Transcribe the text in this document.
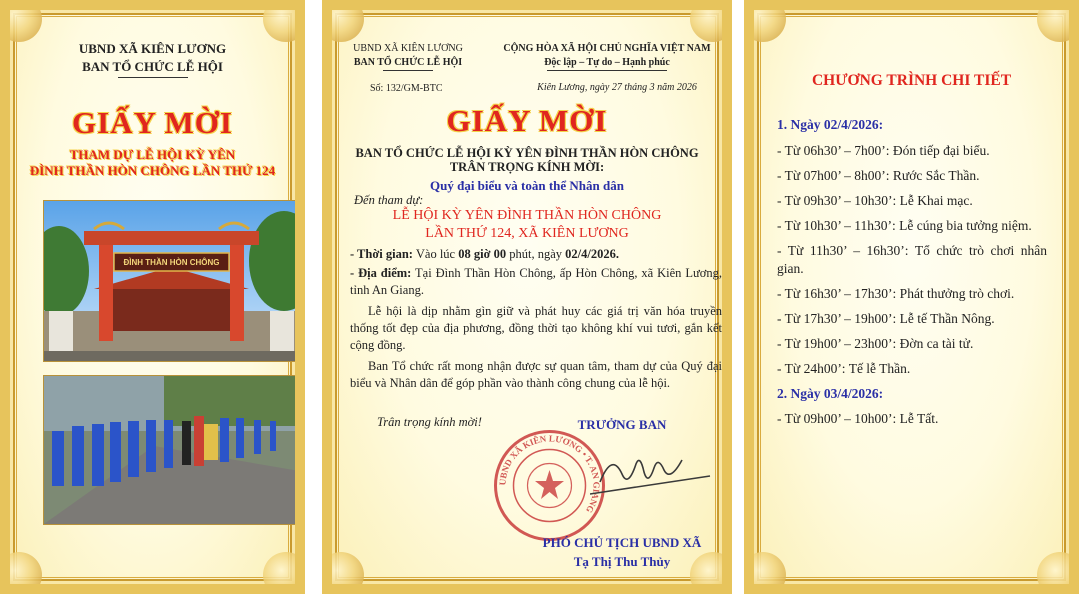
UBND XÃ KIÊN LƯƠNG
BAN TỔ CHỨC LỄ HỘI
GIẤY MỜI
THAM DỰ LỄ HỘI KỲ YÊN
ĐÌNH THẦN HÒN CHÔNG LẦN THỨ 124
ĐÌNH THẦN HÒN CHÔNG
UBND XÃ KIÊN LƯƠNG
BAN TỔ CHỨC LỄ HỘI
CỘNG HÒA XÃ HỘI CHỦ NGHĨA VIỆT NAM
Độc lập – Tự do – Hạnh phúc
Số: 132/GM-BTC	Kiên Lương, ngày 27 tháng 3 năm 2026
GIẤY MỜI
BAN TỔ CHỨC LỄ HỘI KỲ YÊN ĐÌNH THẦN HÒN CHÔNG
TRÂN TRỌNG KÍNH MỜI:
Quý đại biểu và toàn thể Nhân dân
Đến tham dự:
LỄ HỘI KỲ YÊN ĐÌNH THẦN HÒN CHÔNG
LẦN THỨ 124, XÃ KIÊN LƯƠNG
- Thời gian: Vào lúc 08 giờ 00 phút, ngày 02/4/2026.
- Địa điểm: Tại Đình Thần Hòn Chông, ấp Hòn Chông, xã Kiên Lương, tỉnh An Giang.
Lễ hội là dịp nhằm gìn giữ và phát huy các giá trị văn hóa truyền thống tốt đẹp của địa phương, đồng thời tạo không khí vui tươi, gắn kết cộng đồng.
Ban Tổ chức rất mong nhận được sự quan tâm, tham dự của Quý đại biểu và Nhân dân để góp phần vào thành công chung của lễ hội.
Trân trọng kính mời!	TRƯỞNG BAN
UBND XÃ KIÊN LƯƠNG • T. AN GIANG
PHÓ CHỦ TỊCH UBND XÃ
Tạ Thị Thu Thủy
CHƯƠNG TRÌNH CHI TIẾT

1. Ngày 02/4/2026:

- Từ 06h30’ – 7h00’: Đón tiếp đại biểu.

- Từ 07h00’ – 8h00’: Rước Sắc Thần.

- Từ 09h30’ – 10h30’: Lễ Khai mạc.

- Từ 10h30’ – 11h30’: Lễ cúng bia tưởng niệm.

- Từ 11h30’ – 16h30’: Tổ chức trò chơi nhân gian.

- Từ 16h30’ – 17h30’: Phát thưởng trò chơi.

- Từ 17h30’ – 19h00’: Lễ tế Thần Nông.

- Từ 19h00’ – 23h00’: Đờn ca tài tử.

- Từ 24h00’: Tế lễ Thần.

2. Ngày 03/4/2026:

- Từ 09h00’ – 10h00’: Lễ Tất.
